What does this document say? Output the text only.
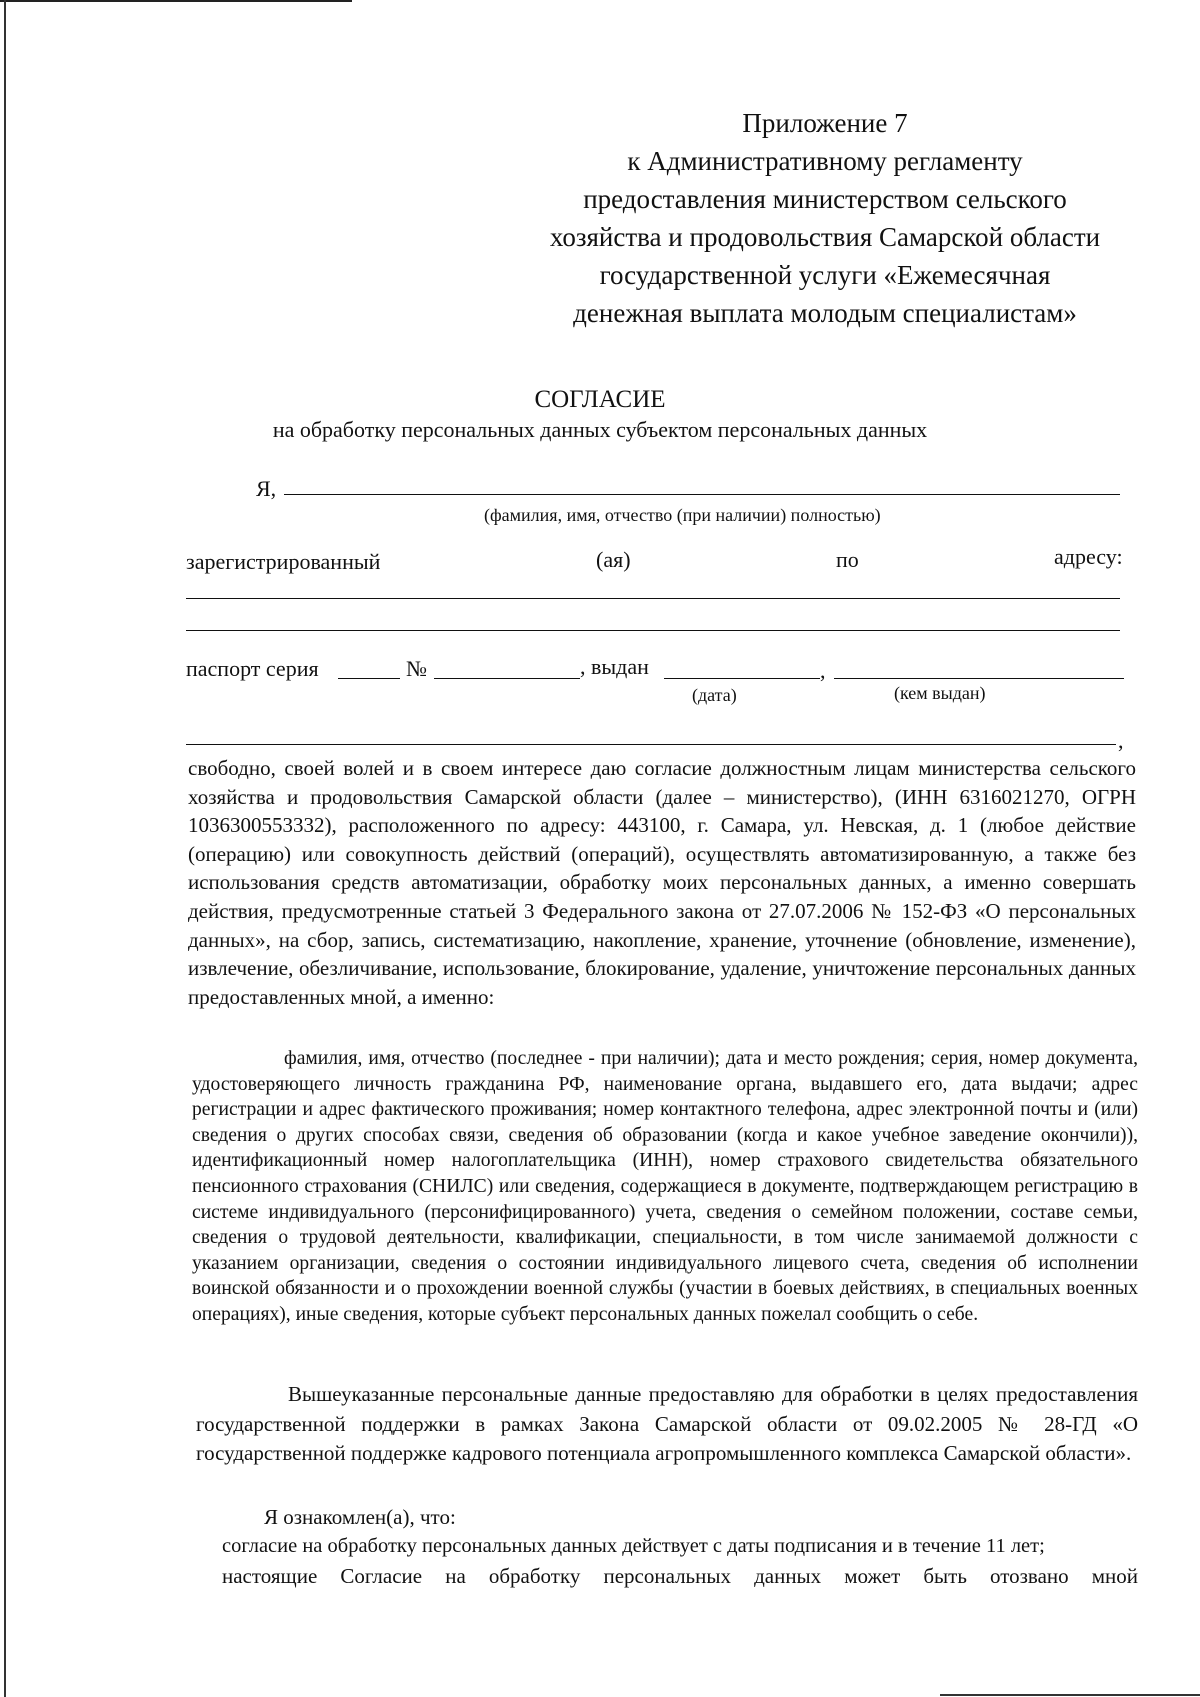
Приложение 7
к Административному регламенту
предоставления министерством сельского
хозяйства и продовольствия Самарской области
государственной услуги «Ежемесячная
денежная выплата молодым специалистам»
СОГЛАСИЕ
на обработку персональных данных субъектом персональных данных
Я,
(фамилия, имя, отчество (при наличии) полностью)
зарегистрированный	(ая)	по	адресу:
паспорт серия	№	, выдан	,
(дата)	(кем выдан)
,

свободно, своей волей и в своем интересе даю согласие должностным лицам министерства сельского хозяйства и продовольствия Самарской области (далее – министерство), (ИНН 6316021270, ОГРН 1036300553332), расположенного по адресу: 443100, г. Самара, ул. Невская, д. 1 (любое действие (операцию) или совокупность действий (операций), осуществлять автоматизированную, а также без использования средств автоматизации, обработку моих персональных данных, а именно совершать действия, предусмотренные статьей 3 Федерального закона от 27.07.2006 № 152-ФЗ «О персональных данных», на сбор, запись, систематизацию, накопление, хранение, уточнение (обновление, изменение), извлечение, обезличивание, использование, блокирование, удаление, уничтожение персональных данных предоставленных мной, а именно:

фамилия, имя, отчество (последнее - при наличии); дата и место рождения; серия, номер документа, удостоверяющего личность гражданина РФ, наименование органа, выдавшего его, дата выдачи; адрес регистрации и адрес фактического проживания; номер контактного телефона, адрес электронной почты и (или) сведения о других способах связи, сведения об образовании (когда и какое учебное заведение окончили)), идентификационный номер налогоплательщика (ИНН), номер страхового свидетельства обязательного пенсионного страхования (СНИЛС) или сведения, содержащиеся в документе, подтверждающем регистрацию в системе индивидуального (персонифицированного) учета, сведения о семейном положении, составе семьи, сведения о трудовой деятельности, квалификации, специальности, в том числе занимаемой должности с указанием организации, сведения о состоянии индивидуального лицевого счета, сведения об исполнении воинской обязанности и о прохождении военной службы (участии в боевых действиях, в специальных военных операциях), иные сведения, которые субъект персональных данных пожелал сообщить о себе.

Вышеуказанные персональные данные предоставляю для обработки в целях предоставления государственной поддержки в рамках Закона Самарской области от 09.02.2005 № 28-ГД «О государственной поддержке кадрового потенциала агропромышленного комплекса Самарской области».

Я ознакомлен(а), что:
согласие на обработку персональных данных действует с даты подписания и в течение 11 лет;
настоящие Согласие на обработку персональных данных может быть отозвано мной
